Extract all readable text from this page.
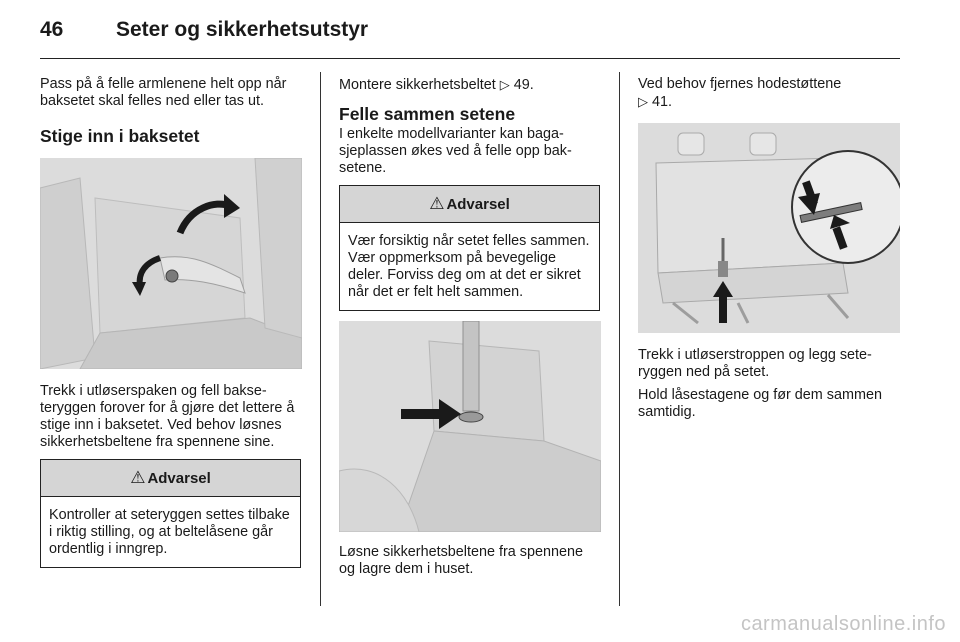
46	Seter og sikkerhetsutstyr

Pass på å felle armlenene helt opp når baksetet skal felles ned eller tas ut.

Stige inn i baksetet

Trekk i utløserspaken og fell bakseteryggen forover for å gjøre det lettere å stige inn i baksetet. Ved behov løsnes sikkerhetsbeltene fra spennene sine.

⚠ Advarsel
Kontroller at seteryggen settes tilbake i riktig stilling, og at beltelåsene går ordentlig i inngrep.

Montere sikkerhetsbeltet ▷ 49.

Felle sammen setene

I enkelte modellvarianter kan bagasjeplassen økes ved å felle opp baksetene.

⚠ Advarsel
Vær forsiktig når setet felles sammen. Vær oppmerksom på bevegelige deler. Forviss deg om at det er sikret når det er felt helt sammen.

Løsne sikkerhetsbeltene fra spennene og lagre dem i huset.

Ved behov fjernes hodestøttene
▷ 41.

Trekk i utløserstroppen og legg seteryggen ned på setet.

Hold låsestagene og før dem sammen samtidig.

carmanualsonline.info
